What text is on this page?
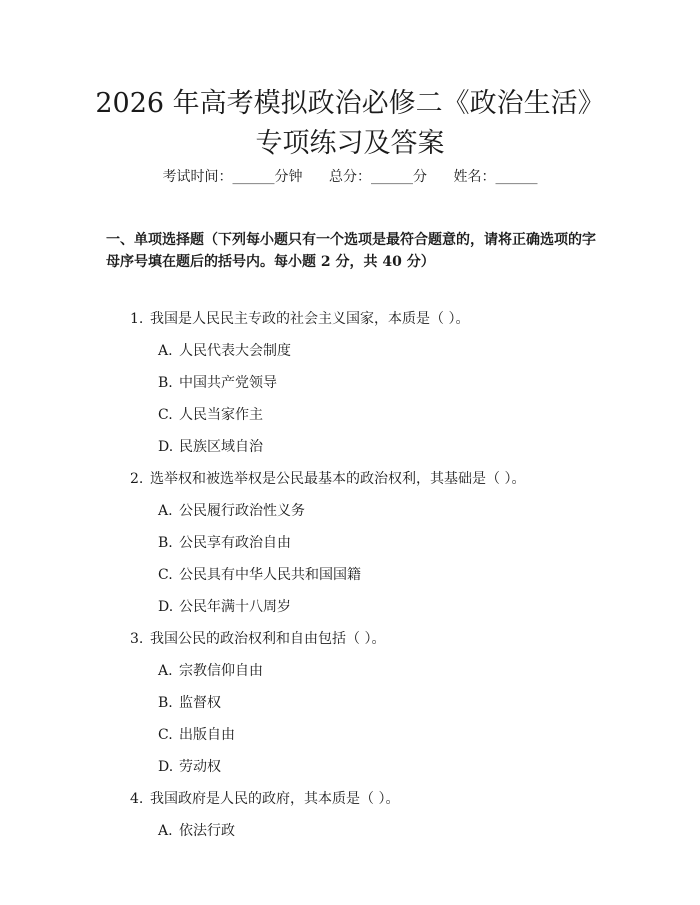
2026 年高考模拟政治必修二《政治生活》专项练习及答案
考试时间：______分钟 总分：______分 姓名：______
一、单项选择题（下列每小题只有一个选项是最符合题意的，请将正确选项的字母序号填在题后的括号内。每小题 2 分，共 40 分）
1. 我国是人民民主专政的社会主义国家，本质是（ ）。
A. 人民代表大会制度
B. 中国共产党领导
C. 人民当家作主
D. 民族区域自治
2. 选举权和被选举权是公民最基本的政治权利，其基础是（ ）。
A. 公民履行政治性义务
B. 公民享有政治自由
C. 公民具有中华人民共和国国籍
D. 公民年满十八周岁
3. 我国公民的政治权利和自由包括（ ）。
A. 宗教信仰自由
B. 监督权
C. 出版自由
D. 劳动权
4. 我国政府是人民的政府，其本质是（ ）。
A. 依法行政
